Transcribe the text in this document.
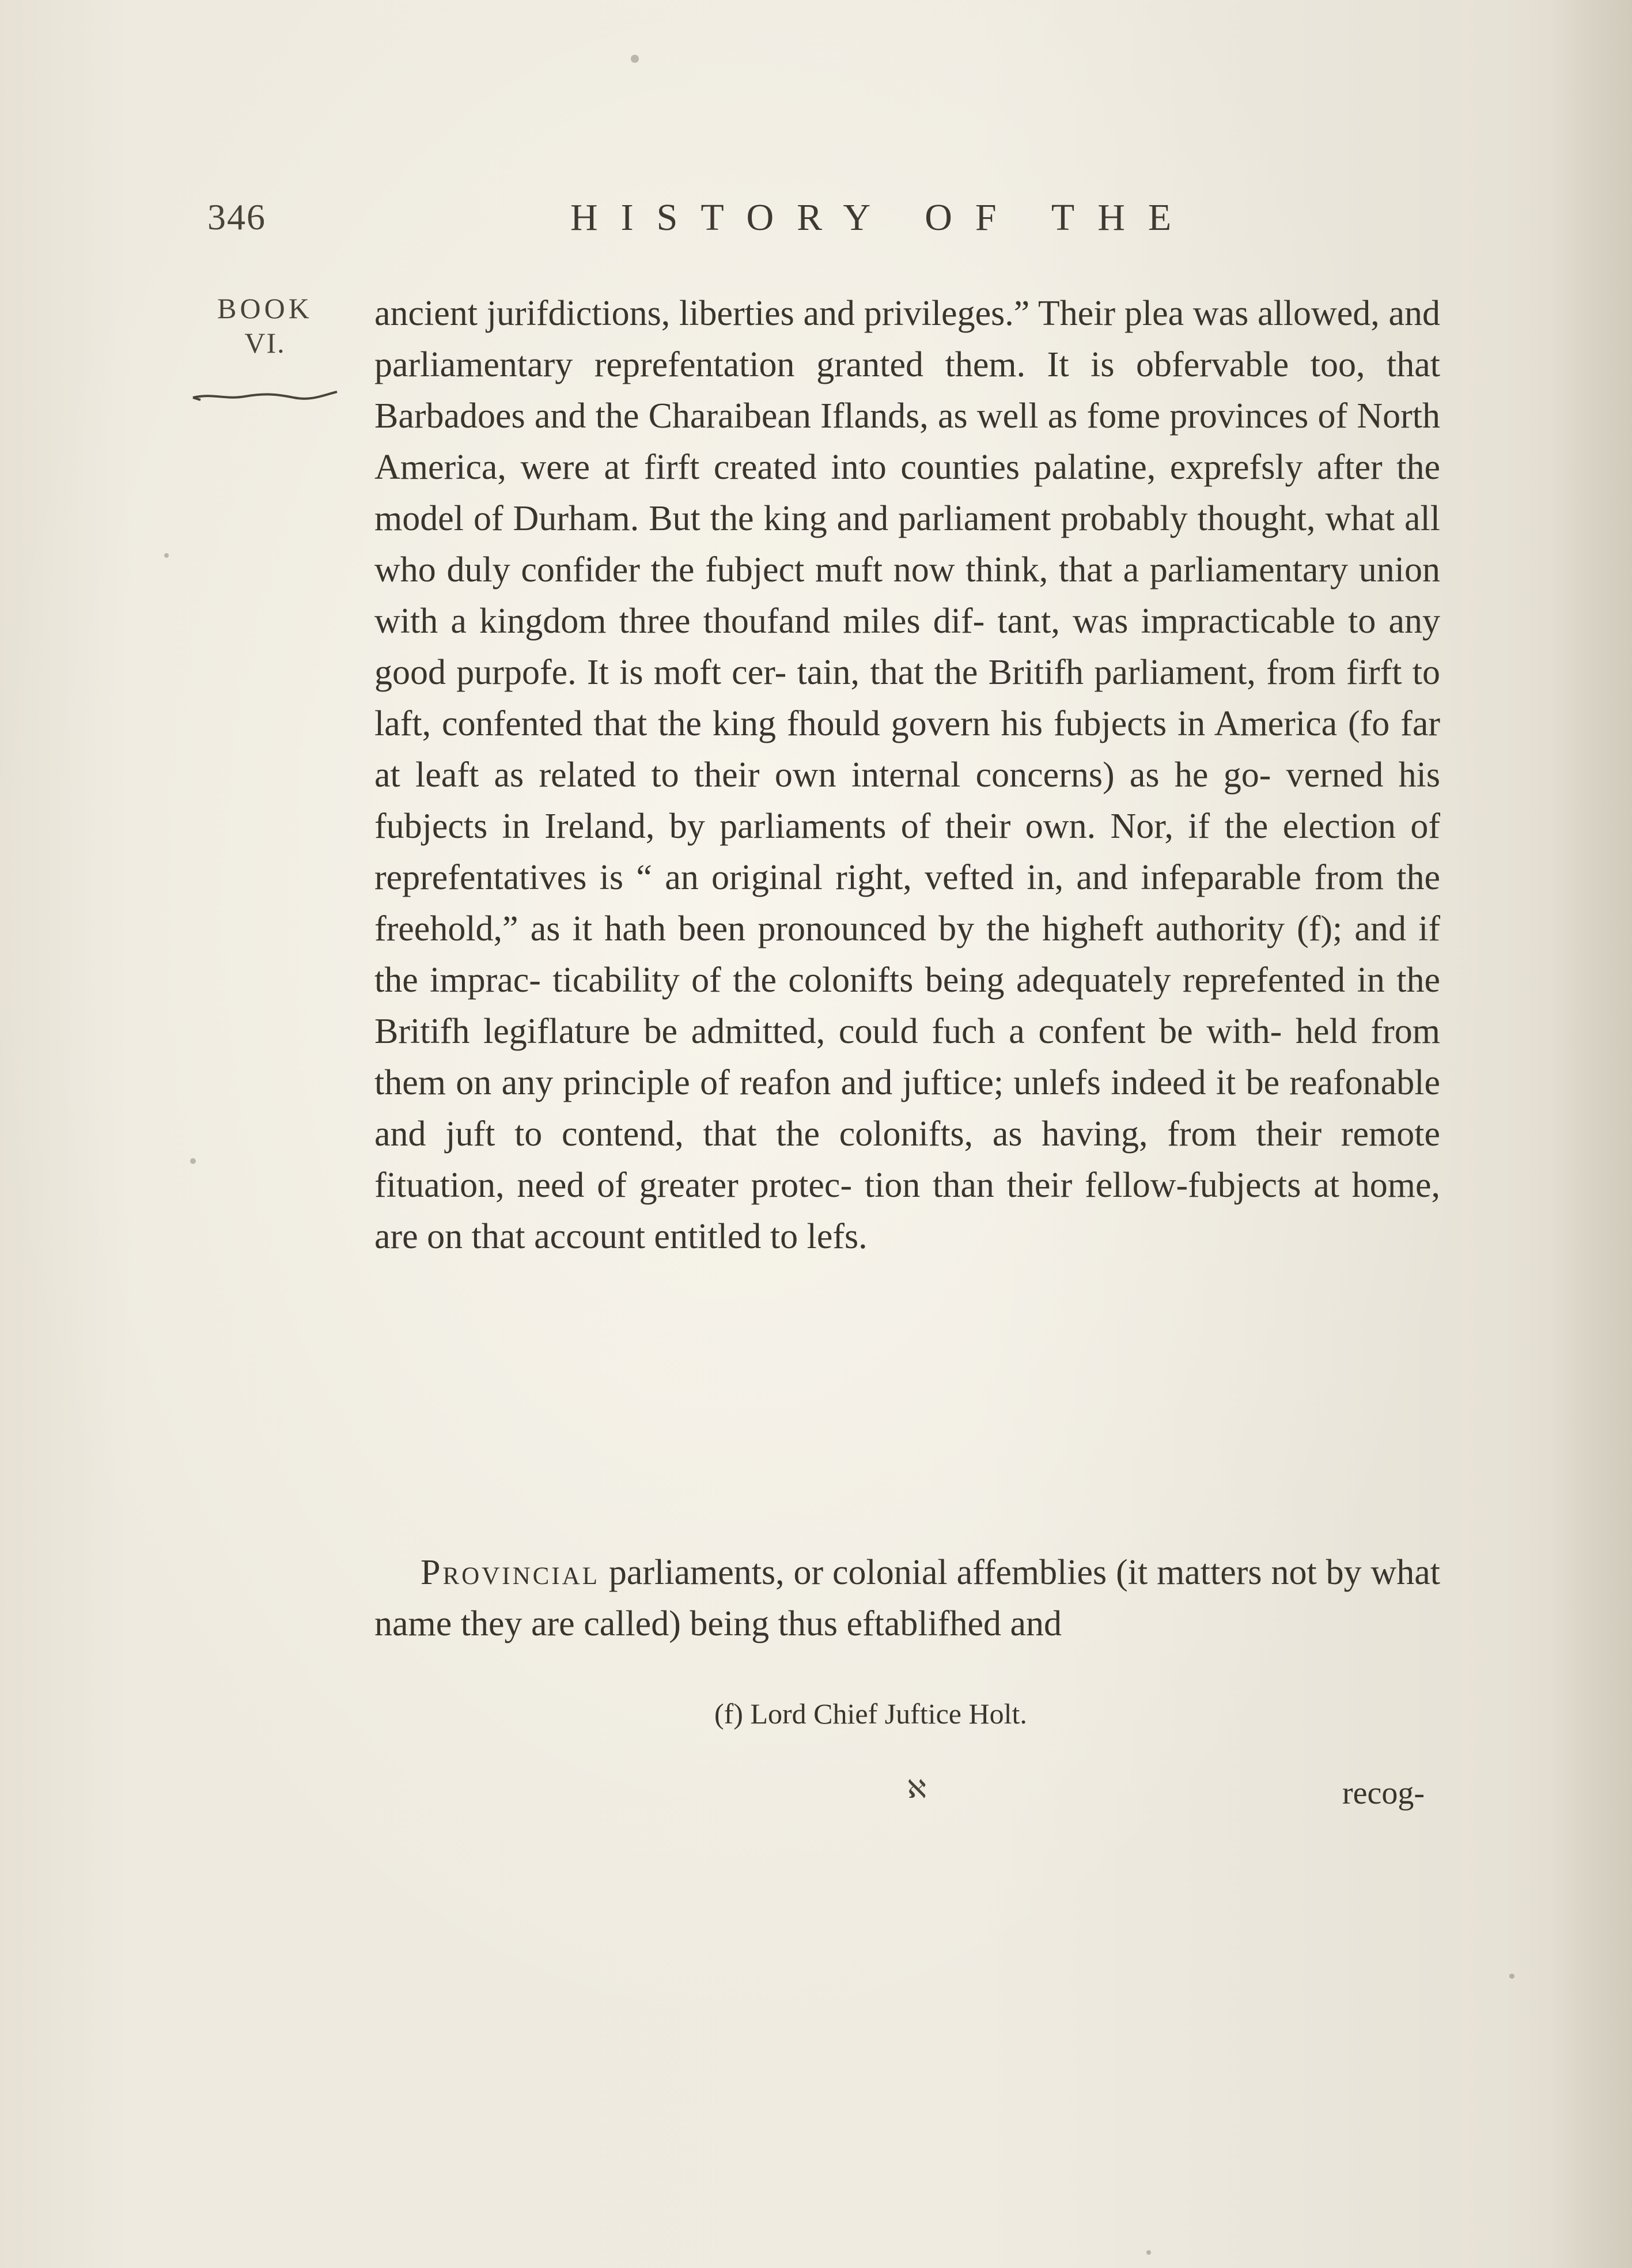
346	HISTORY OF THE
BOOK
VI.

ancient jurifdictions, liberties and privileges.” Their plea was allowed, and parliamentary reprefentation granted them. It is obfervable too, that Barbadoes and the Charaibean Iflands, as well as fome provinces of North America, were at firft created into counties palatine, exprefsly after the model of Durham. But the king and parliament probably thought, what all who duly confider the fubject muft now think, that a parliamentary union with a kingdom three thoufand miles dif- tant, was impracticable to any good purpofe. It is moft cer- tain, that the Britifh parliament, from firft to laft, confented that the king fhould govern his fubjects in America (fo far at leaft as related to their own internal concerns) as he go- verned his fubjects in Ireland, by parliaments of their own. Nor, if the election of reprefentatives is “ an original right, vefted in, and infeparable from the freehold,” as it hath been pronounced by the higheft authority (f); and if the imprac- ticability of the colonifts being adequately reprefented in the Britifh legiflature be admitted, could fuch a confent be with- held from them on any principle of reafon and juftice; unlefs indeed it be reafonable and juft to contend, that the colonifts, as having, from their remote fituation, need of greater protec- tion than their fellow-fubjects at home, are on that account entitled to lefs.

Provincial parliaments, or colonial affemblies (it matters not by what name they are called) being thus eftablifhed and
(f) Lord Chief Juftice Holt.
ℵ	recog-
